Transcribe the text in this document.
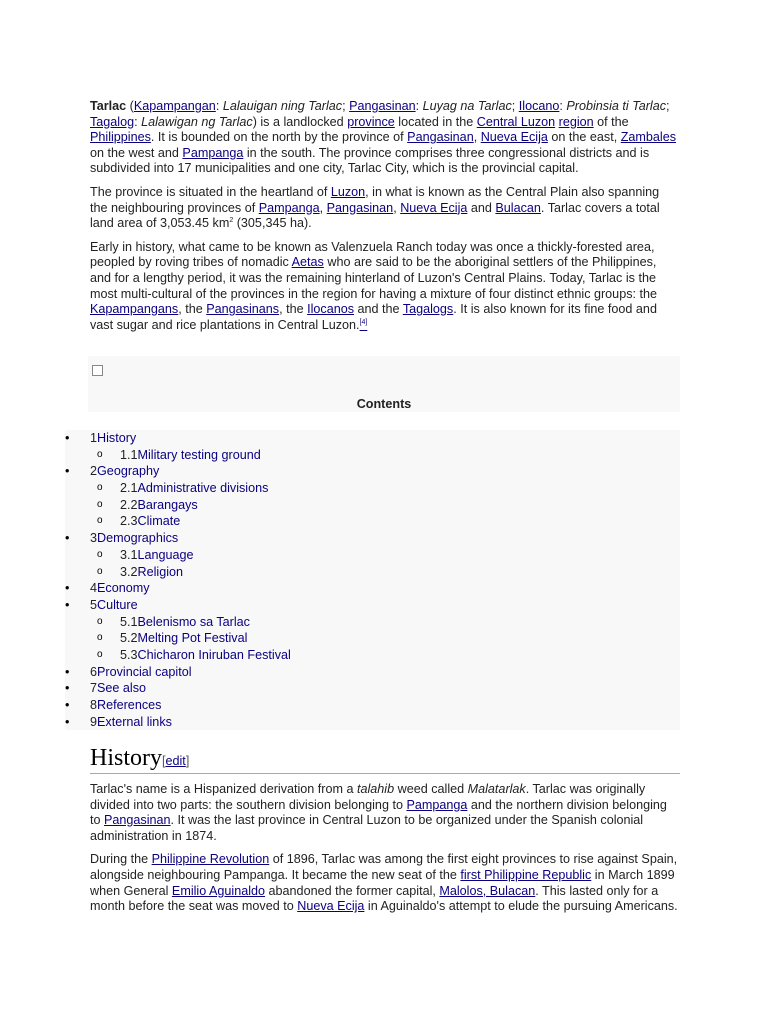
Tarlac (Kapampangan: Lalauigan ning Tarlac; Pangasinan: Luyag na Tarlac; Ilocano: Probinsia ti Tarlac; Tagalog: Lalawigan ng Tarlac) is a landlocked province located in the Central Luzon region of the Philippines. It is bounded on the north by the province of Pangasinan, Nueva Ecija on the east, Zambales on the west and Pampanga in the south. The province comprises three congressional districts and is subdivided into 17 municipalities and one city, Tarlac City, which is the provincial capital.

The province is situated in the heartland of Luzon, in what is known as the Central Plain also spanning the neighbouring provinces of Pampanga, Pangasinan, Nueva Ecija and Bulacan. Tarlac covers a total land area of 3,053.45 $km^2$ (305,345 ha).

Early in history, what came to be known as Valenzuela Ranch today was once a thickly-forested area, peopled by roving tribes of nomadic Aetas who are said to be the aboriginal settlers of the Philippines, and for a lengthy period, it was the remaining hinterland of Luzon's Central Plains. Today, Tarlac is the most multi-cultural of the provinces in the region for having a mixture of four distinct ethnic groups: the Kapampangans, the Pangasinans, the Ilocanos and the Tagalogs. It is also known for its fine food and vast sugar and rice plantations in Central Luzon.[4]

Contents
•	1History
o	1.1Military testing ground
•	2Geography
o	2.1Administrative divisions
o	2.2Barangays
o	2.3Climate
•	3Demographics
o	3.1Language
o	3.2Religion
•	4Economy
•	5Culture
o	5.1Belenismo sa Tarlac
o	5.2Melting Pot Festival
o	5.3Chicharon Iniruban Festival
•	6Provincial capitol
•	7See also
•	8References
•	9External links
History[edit]

Tarlac's name is a Hispanized derivation from a talahib weed called Malatarlak. Tarlac was originally divided into two parts: the southern division belonging to Pampanga and the northern division belonging to Pangasinan. It was the last province in Central Luzon to be organized under the Spanish colonial administration in 1874.

During the Philippine Revolution of 1896, Tarlac was among the first eight provinces to rise against Spain, alongside neighbouring Pampanga. It became the new seat of the first Philippine Republic in March 1899 when General Emilio Aguinaldo abandoned the former capital, Malolos, Bulacan. This lasted only for a month before the seat was moved to Nueva Ecija in Aguinaldo's attempt to elude the pursuing Americans.
